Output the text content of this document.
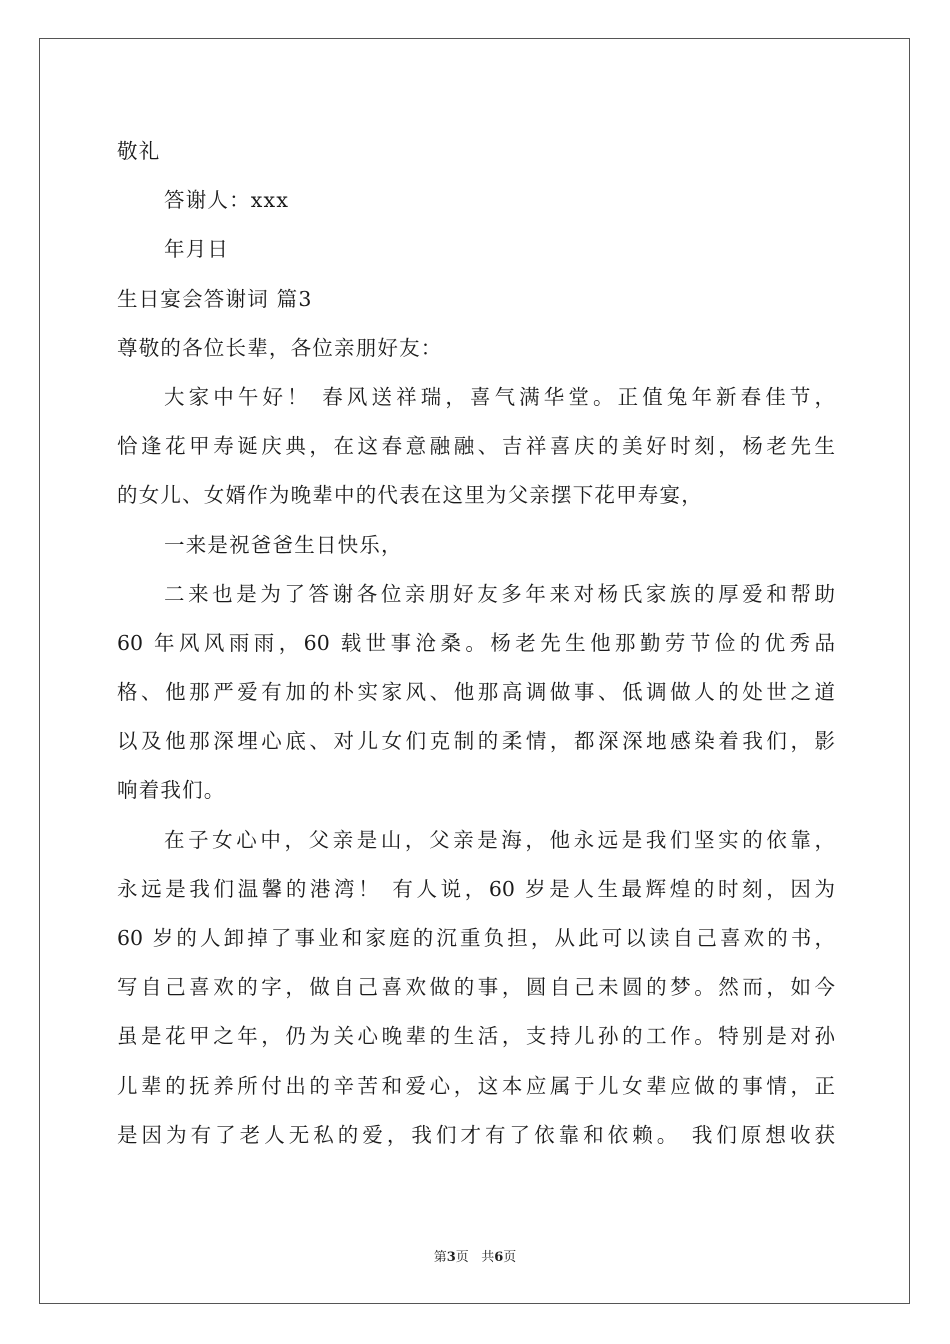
敬礼
答谢人：xxx
年月日
生日宴会答谢词 篇3
尊敬的各位长辈，各位亲朋好友：
大家中午好！ 春风送祥瑞，喜气满华堂。正值兔年新春佳节，
恰逢花甲寿诞庆典，在这春意融融、吉祥喜庆的美好时刻，杨老先生
的女儿、女婿作为晚辈中的代表在这里为父亲摆下花甲寿宴，
一来是祝爸爸生日快乐，
二来也是为了答谢各位亲朋好友多年来对杨氏家族的厚爱和帮助
60 年风风雨雨，60 载世事沧桑。杨老先生他那勤劳节俭的优秀品
格、他那严爱有加的朴实家风、他那高调做事、低调做人的处世之道
以及他那深埋心底、对儿女们克制的柔情，都深深地感染着我们，影
响着我们。
在子女心中，父亲是山，父亲是海，他永远是我们坚实的依靠，
永远是我们温馨的港湾！ 有人说，60 岁是人生最辉煌的时刻，因为
60 岁的人卸掉了事业和家庭的沉重负担，从此可以读自己喜欢的书，
写自己喜欢的字，做自己喜欢做的事，圆自己未圆的梦。然而，如今
虽是花甲之年，仍为关心晚辈的生活，支持儿孙的工作。特别是对孙
儿辈的抚养所付出的辛苦和爱心，这本应属于儿女辈应做的事情，正
是因为有了老人无私的爱，我们才有了依靠和依赖。 我们原想收获
第3页 共6页
